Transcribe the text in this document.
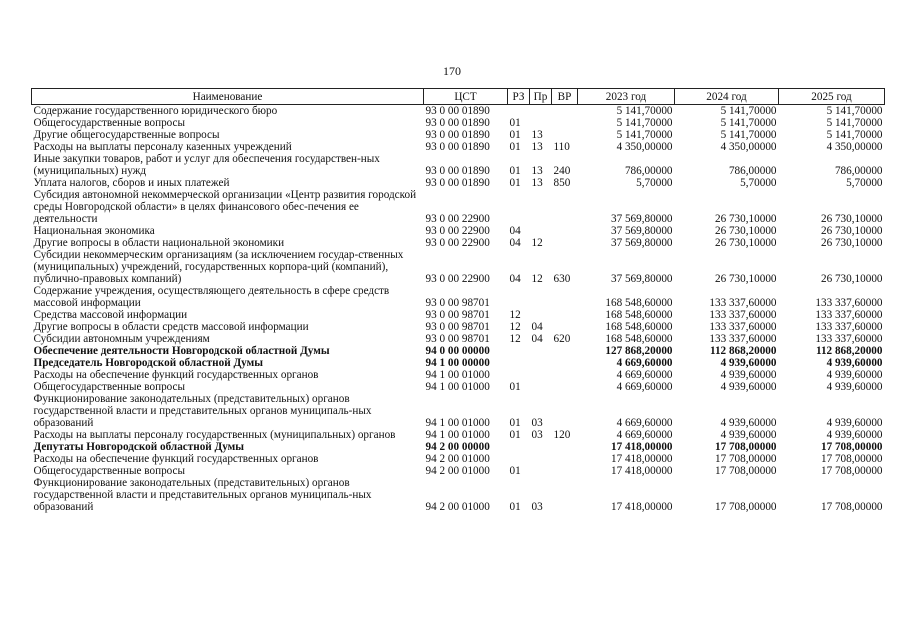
170
Наименование	ЦСТ	РЗ	Пр	ВР	2023 год	2024 год	2025 год
Содержание государственного юридического бюро	93 0 00 01890				5 141,70000	5 141,70000	5 141,70000
Общегосударственные вопросы	93 0 00 01890	01			5 141,70000	5 141,70000	5 141,70000
Другие общегосударственные вопросы	93 0 00 01890	01	13		5 141,70000	5 141,70000	5 141,70000
Расходы на выплаты персоналу казенных учреждений	93 0 00 01890	01	13	110	4 350,00000	4 350,00000	4 350,00000
Иные закупки товаров, работ и услуг для обеспечения государствен-ных (муниципальных) нужд	93 0 00 01890	01	13	240	786,00000	786,00000	786,00000
Уплата налогов, сборов и иных платежей	93 0 00 01890	01	13	850	5,70000	5,70000	5,70000
Субсидия автономной некоммерческой организации «Центр развития городской среды Новгородской области» в целях финансового обес-печения ее деятельности	93 0 00 22900				37 569,80000	26 730,10000	26 730,10000
Национальная экономика	93 0 00 22900	04			37 569,80000	26 730,10000	26 730,10000
Другие вопросы в области национальной экономики	93 0 00 22900	04	12		37 569,80000	26 730,10000	26 730,10000
Субсидии некоммерческим организациям (за исключением государ-ственных (муниципальных) учреждений, государственных корпора-ций (компаний), публично-правовых компаний)	93 0 00 22900	04	12	630	37 569,80000	26 730,10000	26 730,10000
Содержание учреждения, осуществляющего деятельность в сфере средств массовой информации	93 0 00 98701				168 548,60000	133 337,60000	133 337,60000
Средства массовой информации	93 0 00 98701	12			168 548,60000	133 337,60000	133 337,60000
Другие вопросы в области средств массовой информации	93 0 00 98701	12	04		168 548,60000	133 337,60000	133 337,60000
Субсидии автономным учреждениям	93 0 00 98701	12	04	620	168 548,60000	133 337,60000	133 337,60000
Обеспечение деятельности Новгородской областной Думы	94 0 00 00000				127 868,20000	112 868,20000	112 868,20000
Председатель Новгородской областной Думы	94 1 00 00000				4 669,60000	4 939,60000	4 939,60000
Расходы на обеспечение функций государственных органов	94 1 00 01000				4 669,60000	4 939,60000	4 939,60000
Общегосударственные вопросы	94 1 00 01000	01			4 669,60000	4 939,60000	4 939,60000
Функционирование законодательных (представительных) органов государственной власти и представительных органов муниципаль-ных образований	94 1 00 01000	01	03		4 669,60000	4 939,60000	4 939,60000
Расходы на выплаты персоналу государственных (муниципальных) органов	94 1 00 01000	01	03	120	4 669,60000	4 939,60000	4 939,60000
Депутаты Новгородской областной Думы	94 2 00 00000				17 418,00000	17 708,00000	17 708,00000
Расходы на обеспечение функций государственных органов	94 2 00 01000				17 418,00000	17 708,00000	17 708,00000
Общегосударственные вопросы	94 2 00 01000	01			17 418,00000	17 708,00000	17 708,00000
Функционирование законодательных (представительных) органов государственной власти и представительных органов муниципаль-ных образований	94 2 00 01000	01	03		17 418,00000	17 708,00000	17 708,00000
